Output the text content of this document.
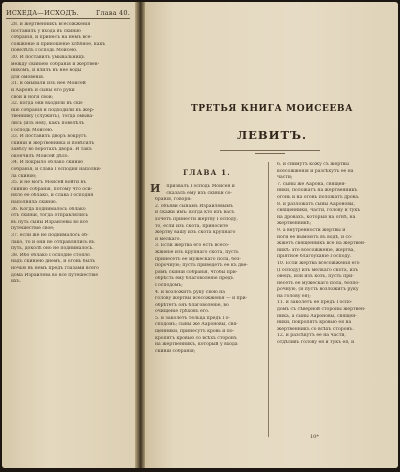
ИСХЕДА—ИСХОДЪ.	Глава 40.

28. и жертвенникъ всесожженія

поставилъ у входа въ скинію

собранія, и принесъ на немъ все-

сожженіе и приношеніе хлѣбное, какъ

повелѣлъ Господь Моисею.

30. И поставилъ умывальницъ

между скиніею собранія и жертвен-

никомъ, и влилъ въ нее воды

для омовенія.

31. и омывали изъ нее Моисей

и Ааронъ и сыны его руки

свои и ноги свои;

32. когда они входили въ ски-

нію собранія и подходили къ жер-

твеннику (служить), тогда омыва-

лись (изъ нея), какъ повелѣлъ

Господь Моисею.

33. И поставилъ дворъ вокругъ

скиніи и жертвенника и повѣсилъ

завѣсу во воротахъ двора. И такъ

окончилъ Моисей дѣло.

34. И покрыло облако скинію

собранія, и слава Господня наполни-

ла скинію;

35. и не могъ Моисей войти въ

скинію собранія, потому что оси-

няло ее облако, и слава Господня

наполняла скинію.

36. Когда поднималось облако

отъ скиніи, тогда отправлялись

въ путь сыны Израилевы во все

путешествіе свое;

37. если же не поднималось об-

лако, то и они не отправлялись въ

путь, доколѣ оно не поднималось.

38. Ибо облако Господне стояло

надъ скиніею днемъ, и огонь былъ

ночью въ немъ предъ глазами всего

дома Израилева во все путешествіе

ихъ.

ТРЕТЬЯ КНИГА МОИСЕЕВА
ЛЕВИТЪ.
ГЛАВА 1.
И	призвалъ Господь Моисея и

сказалъ ему изъ скиніи со-

бранія, говоря:

2. объяви сынамъ Израилевымъ

и скажи имъ: когда кто изъ васъ

хочетъ принести жертву Господу,

то, если изъ скота, приносите

жертву вашу изъ скота крупнаго

и мелкаго.

3. Если жертва его есть всесо-

жженіе изъ крупнаго скота, пусть

принесетъ ее мужескаго пола, без-

порочную; пусть приведетъ ее къ две-

рямъ скиніи собранія, чтобы при-

обрѣсть ему благоволеніе предъ

Господомъ;

4. и возложитъ руку свою на

голову жертвы всесожженія — и при-

обрѣтетъ онъ благоволеніе, во

очищеніе грѣховъ его.

5. и заколетъ тельца предъ Го-

сподомъ; сыны же Аароновы, свя-

щенники, принесутъ кровь и по-

кропятъ кровью со всѣхъ сторонъ

на жертвенникъ, который у входа

скиніи собранія;

6. и снимутъ кожу съ жертвы

всесожженія и разсѣкутъ ее на

части;

7. сыны же Аарона, священ-

ники, положатъ на жертвенникъ

огонь и на огонь положатъ дрова.

8. и разложатъ сыны Аароновы,

священники, части, голову и тукъ

на дровахъ, которыя на огнѣ, на

жертвенникѣ;

9. а внутренности жертвы и

ноги ее вымоютъ въ водѣ, и со-

жжетъ священникъ все на жертвен-

никѣ: это всесожженіе, жертва,

пріятное благоуханіе Господу.

10. Если жертва всесожженія его

(Господу) изъ мелкаго скота, изъ

овецъ, или изъ козъ, пусть при-

несетъ ее мужескаго пола, безпо-

рочную, (и пусть возложитъ руку

на голову ея);

11. и заколетъ ее предъ Госпо-

домъ съ сѣверной стороны жертвен-

ника, а сыны Аароновы, священ-

ники, покропятъ кровью ея на

жертвенникъ со всѣхъ сторонъ.

12. и разсѣкутъ ее на части,

отдѣливъ голову ея и тукъ ея, и

10*
